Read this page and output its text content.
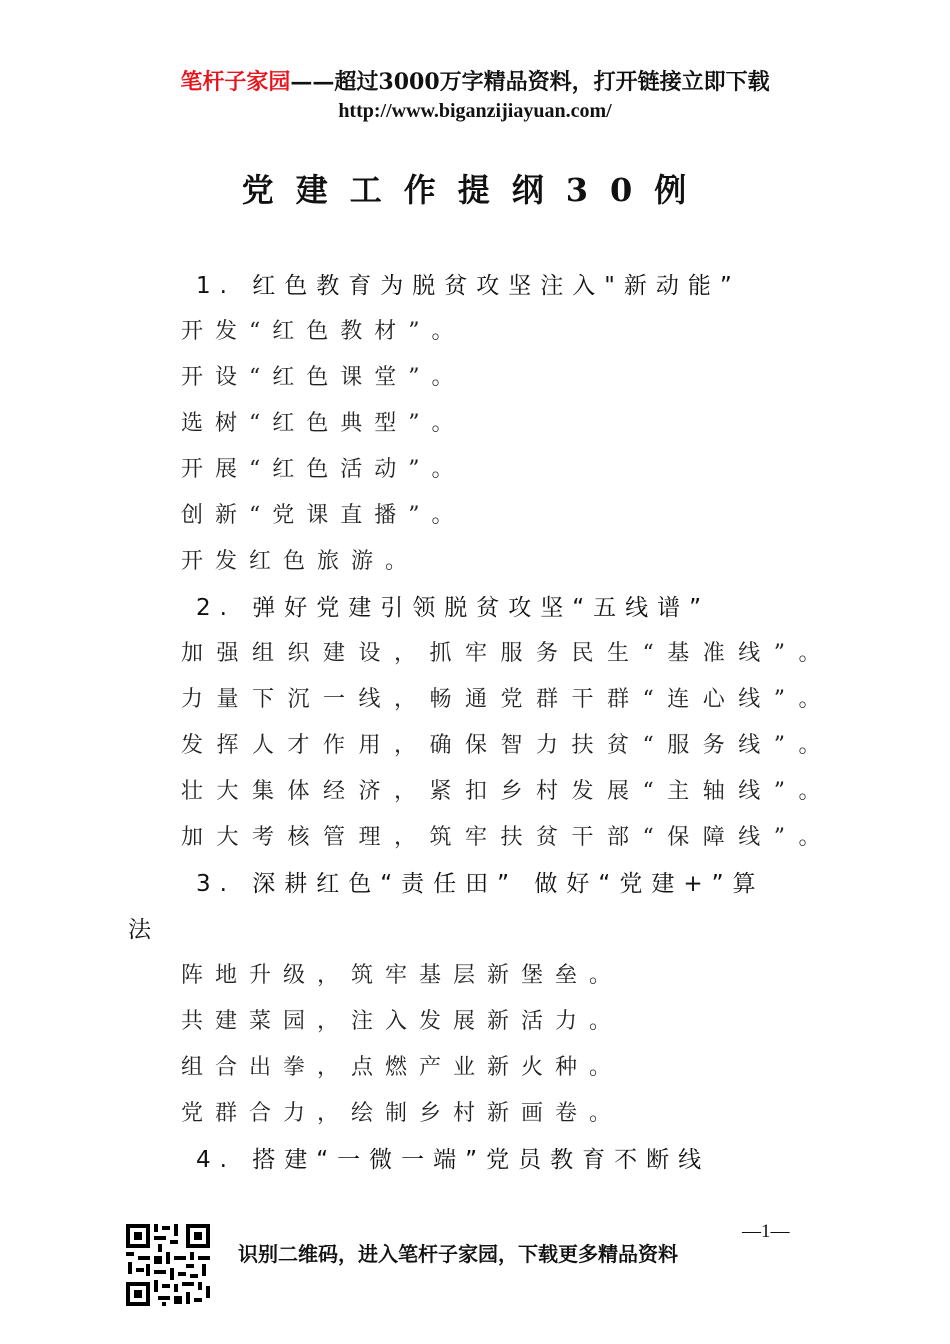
笔杆子家园——超过3000万字精品资料，打开链接立即下载
http://www.biganzijiayuan.com/
党建工作提纲30例
1. 红色教育为脱贫攻坚注入"新动能”
开发“红色教材”。
开设“红色课堂”。
选树“红色典型”。
开展“红色活动”。
创新“党课直播”。
开发红色旅游。
2. 弹好党建引领脱贫攻坚“五线谱”
加强组织建设，抓牢服务民生“基准线”。
力量下沉一线，畅通党群干群“连心线”。
发挥人才作用，确保智力扶贫“服务线”。
壮大集体经济，紧扣乡村发展“主轴线”。
加大考核管理，筑牢扶贫干部“保障线”。
3. 深耕红色“责任田” 做好“党建+”算
法
阵地升级，筑牢基层新堡垒。
共建菜园，注入发展新活力。
组合出拳，点燃产业新火种。
党群合力，绘制乡村新画卷。
4. 搭建“一微一端”党员教育不断线
—1—
识别二维码，进入笔杆子家园，下载更多精品资料
